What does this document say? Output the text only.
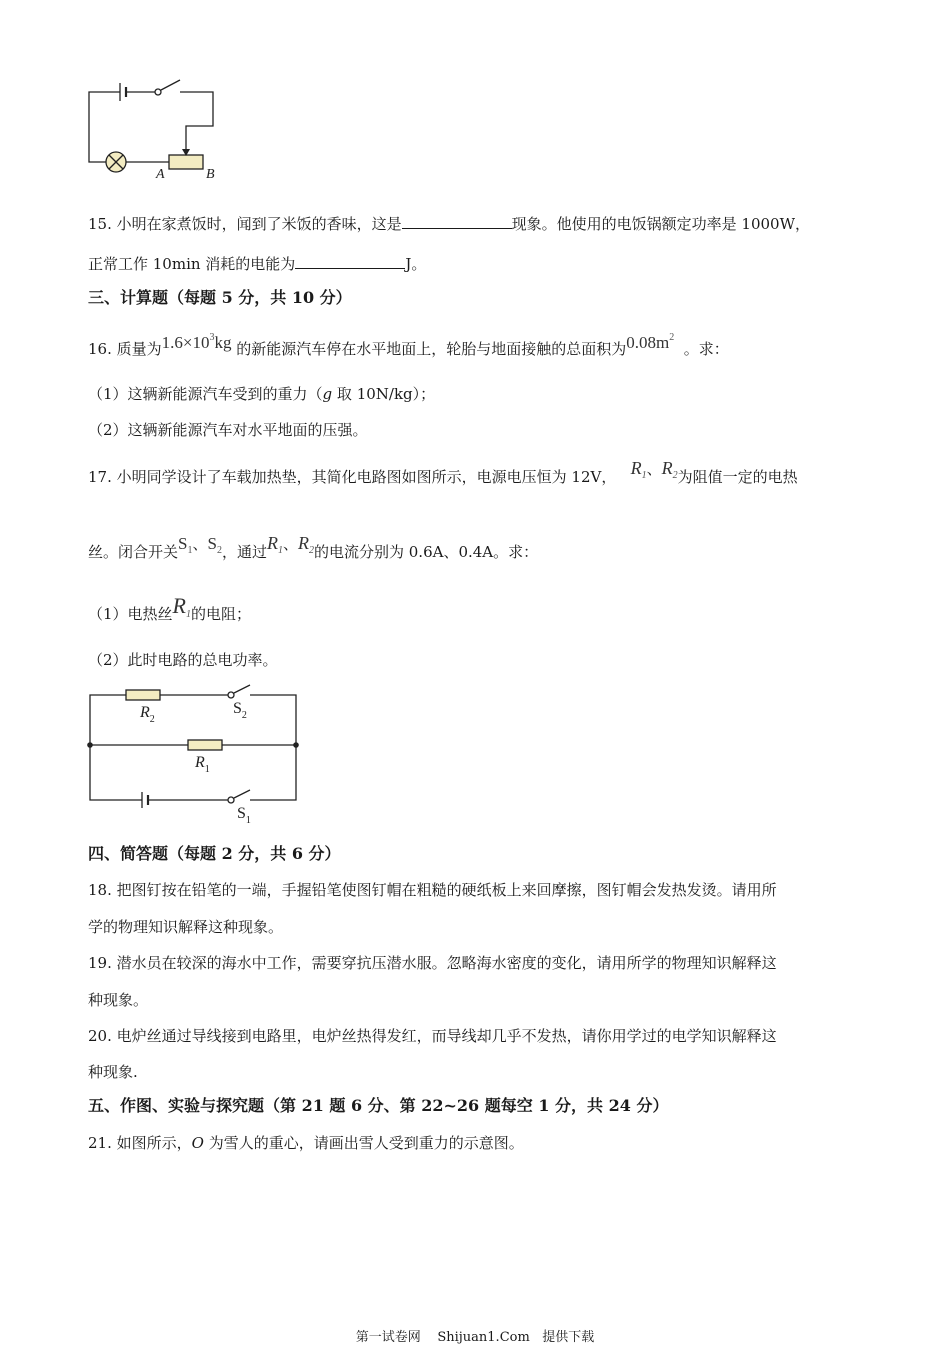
A	B
15. 小明在家煮饭时，闻到了米饭的香味，这是	现象。他使用的电饭锅额定功率是 1000W，
正常工作 10min 消耗的电能为	J。
三、计算题（每题 5 分，共 10 分）
16. 质量为$1.6\times 10^3kg$ 的新能源汽车停在水平地面上，轮胎与地面接触的总面积为$0.08m^2$  。求：
（1）这辆新能源汽车受到的重力（g 取 10N/kg）；
（2）这辆新能源汽车对水平地面的压强。
17. 小明同学设计了车载加热垫，其简化电路图如图所示，电源电压恒为 12V， $R_1$、$R_2$为阻值一定的电热
丝。闭合开关$S_1$、$S_2$，通过$R_1$、$R_2$的电流分别为 0.6A、0.4A。求：
（1）电热丝$R_1$的电阻；
（2）此时电路的总电功率。
$R_2$
$R_1$
$S_2$
$S_1$
四、简答题（每题 2 分，共 6 分）
18. 把图钉按在铅笔的一端，手握铅笔使图钉帽在粗糙的硬纸板上来回摩擦，图钉帽会发热发烫。请用所
学的物理知识解释这种现象。
19. 潜水员在较深的海水中工作，需要穿抗压潜水服。忽略海水密度的变化，请用所学的物理知识解释这
种现象。
20. 电炉丝通过导线接到电路里，电炉丝热得发红，而导线却几乎不发热，请你用学过的电学知识解释这
种现象.
五、作图、实验与探究题（第 21 题 6 分、第 22~26 题每空 1 分，共 24 分）
21. 如图所示，O 为雪人的重心，请画出雪人受到重力的示意图。
第一试卷网    Shijuan1.Com   提供下载
